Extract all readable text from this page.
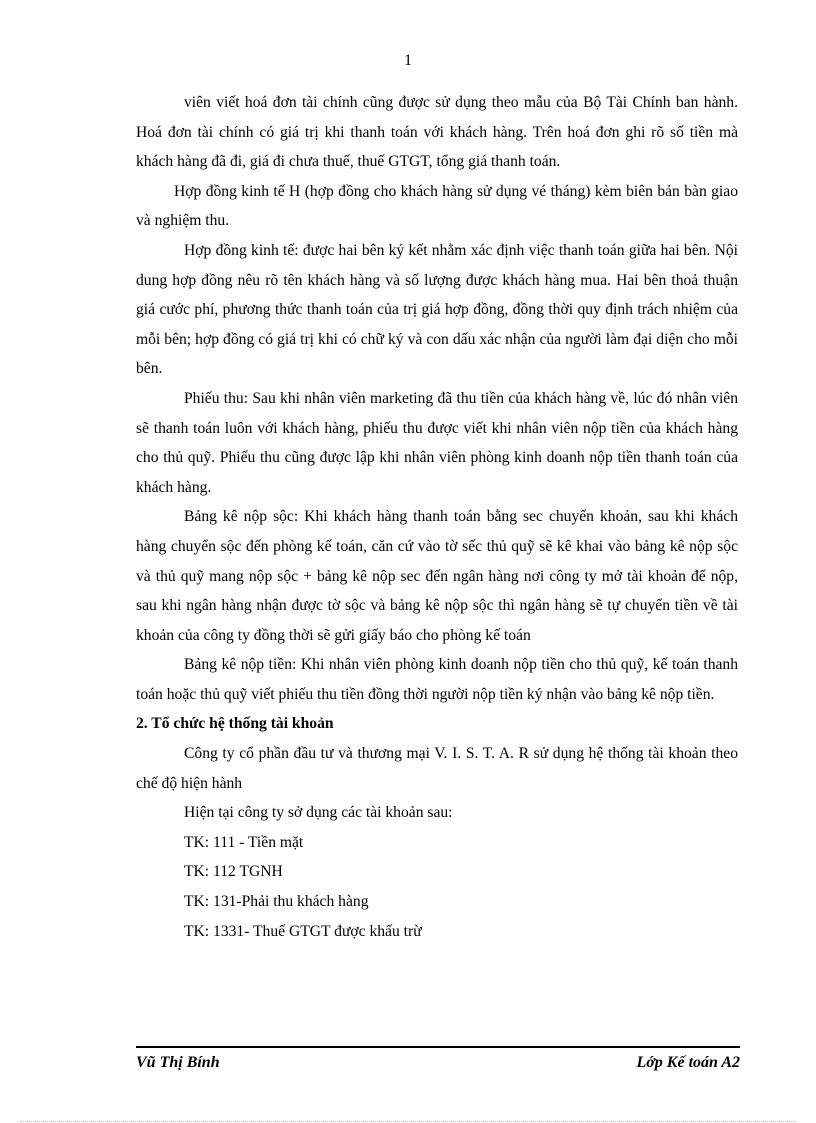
1

viên viết hoá đơn tài chính cũng được sử dụng theo mẫu của Bộ Tài Chính ban hành. Hoá đơn tài chính có giá trị khi thanh toán với khách hàng. Trên hoá đơn ghi rõ số tiền mà khách hàng đã đi, giá đi chưa thuế, thuế GTGT, tổng giá thanh toán.

Hợp đồng kinh tế H (hợp đồng cho khách hàng sử dụng vé tháng) kèm biên bản bàn giao và nghiệm thu.

Hợp đồng kinh tế: được hai bên ký kết nhằm xác định việc thanh toán giữa hai bên. Nội dung hợp đồng nêu rõ tên khách hàng và số lượng được khách hàng mua. Hai bên thoả thuận giá cước phí, phương thức thanh toán của trị giá hợp đồng, đồng thời quy định trách nhiệm của mỗi bên; hợp đồng có giá trị khi có chữ ký và con dấu xác nhận của người làm đại diện cho mỗi bên.

Phiếu thu: Sau khi nhân viên marketing đã thu tiền của khách hàng về, lúc đó nhân viên sẽ thanh toán luôn với khách hàng, phiếu thu được viết khi nhân viên nộp tiền của khách hàng cho thủ quỹ. Phiếu thu cũng được lập khi nhân viên phòng kinh doanh nộp tiền thanh toán của khách hàng.

Bảng kê nộp sộc: Khi khách hàng thanh toán bằng sec chuyển khoản, sau khi khách hàng chuyển sộc đến phòng kế toán, căn cứ vào tờ sếc thủ quỹ sẽ kê khai vào bảng kê nộp sộc và thủ quỹ mang nộp sộc + bảng kê nộp sec đến ngân hàng nơi công ty mở tài khoản để nộp, sau khi ngân hàng nhận được tờ sộc và bảng kê nộp sộc thì ngân hàng sẽ tự chuyển tiền về tài khoản của công ty đồng thời sẽ gửi giấy báo cho phòng kế toán

Bảng kê nộp tiền: Khi nhân viên phòng kinh doanh nộp tiền cho thủ quỹ, kế toán thanh toán hoặc thủ quỹ viết phiếu thu tiền đồng thời người nộp tiền ký nhận vào bảng kê nộp tiền.

2. Tổ chức hệ thống tài khoản

Công ty cổ phần đầu tư và thương mại V. I. S. T. A. R sử dụng hệ thống tài khoản theo chế độ hiện hành

Hiện tại công ty sở dụng các tài khoản sau:

TK: 111 - Tiền mặt

TK: 112 TGNH

TK: 131-Phải thu khách hàng

TK: 1331- Thuế GTGT được khấu trừ

Vũ Thị Bính	Lớp Kế toán A2
